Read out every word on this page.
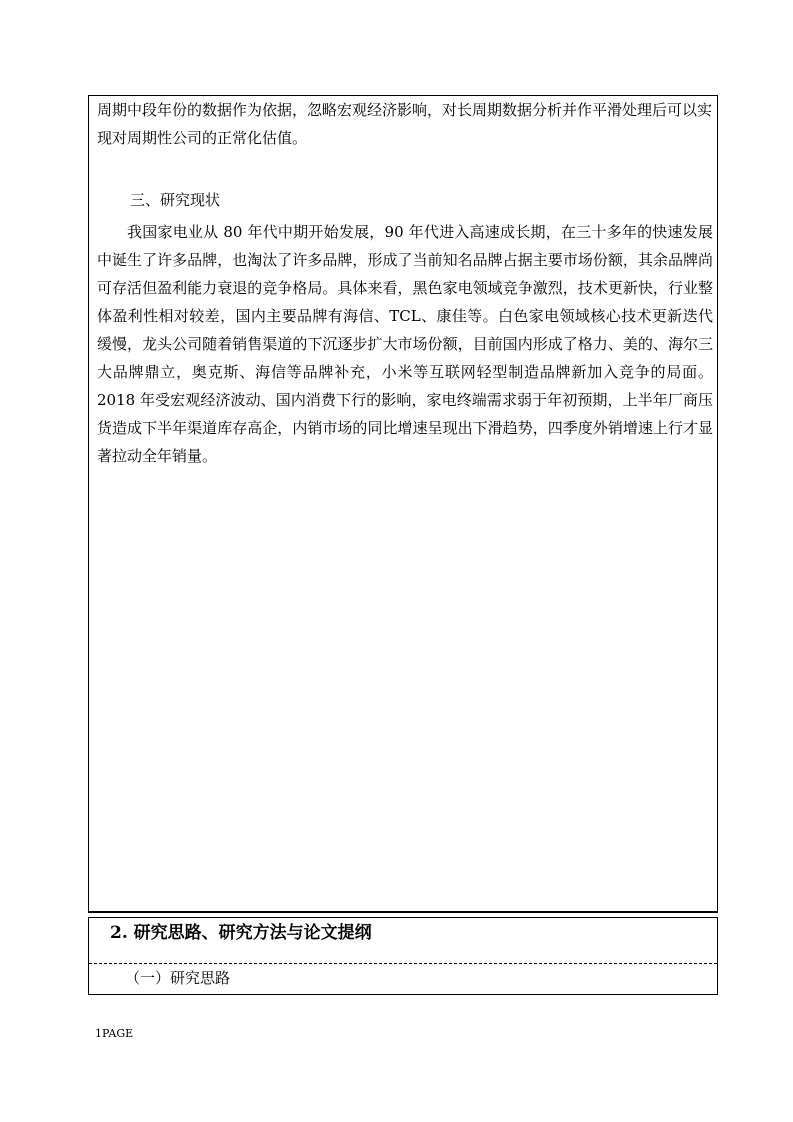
周期中段年份的数据作为依据，忽略宏观经济影响，对长周期数据分析并作平滑处理后可以实现对周期性公司的正常化估值。

三、研究现状

我国家电业从 80 年代中期开始发展，90 年代进入高速成长期，在三十多年的快速发展中诞生了许多品牌，也淘汰了许多品牌，形成了当前知名品牌占据主要市场份额，其余品牌尚可存活但盈利能力衰退的竞争格局。具体来看，黑色家电领域竞争激烈，技术更新快，行业整体盈利性相对较差，国内主要品牌有海信、TCL、康佳等。白色家电领域核心技术更新迭代缓慢，龙头公司随着销售渠道的下沉逐步扩大市场份额，目前国内形成了格力、美的、海尔三大品牌鼎立，奥克斯、海信等品牌补充，小米等互联网轻型制造品牌新加入竞争的局面。2018 年受宏观经济波动、国内消费下行的影响，家电终端需求弱于年初预期，上半年厂商压货造成下半年渠道库存高企，内销市场的同比增速呈现出下滑趋势，四季度外销增速上行才显著拉动全年销量。

2. 研究思路、研究方法与论文提纲
（一）研究思路
1PAGE
